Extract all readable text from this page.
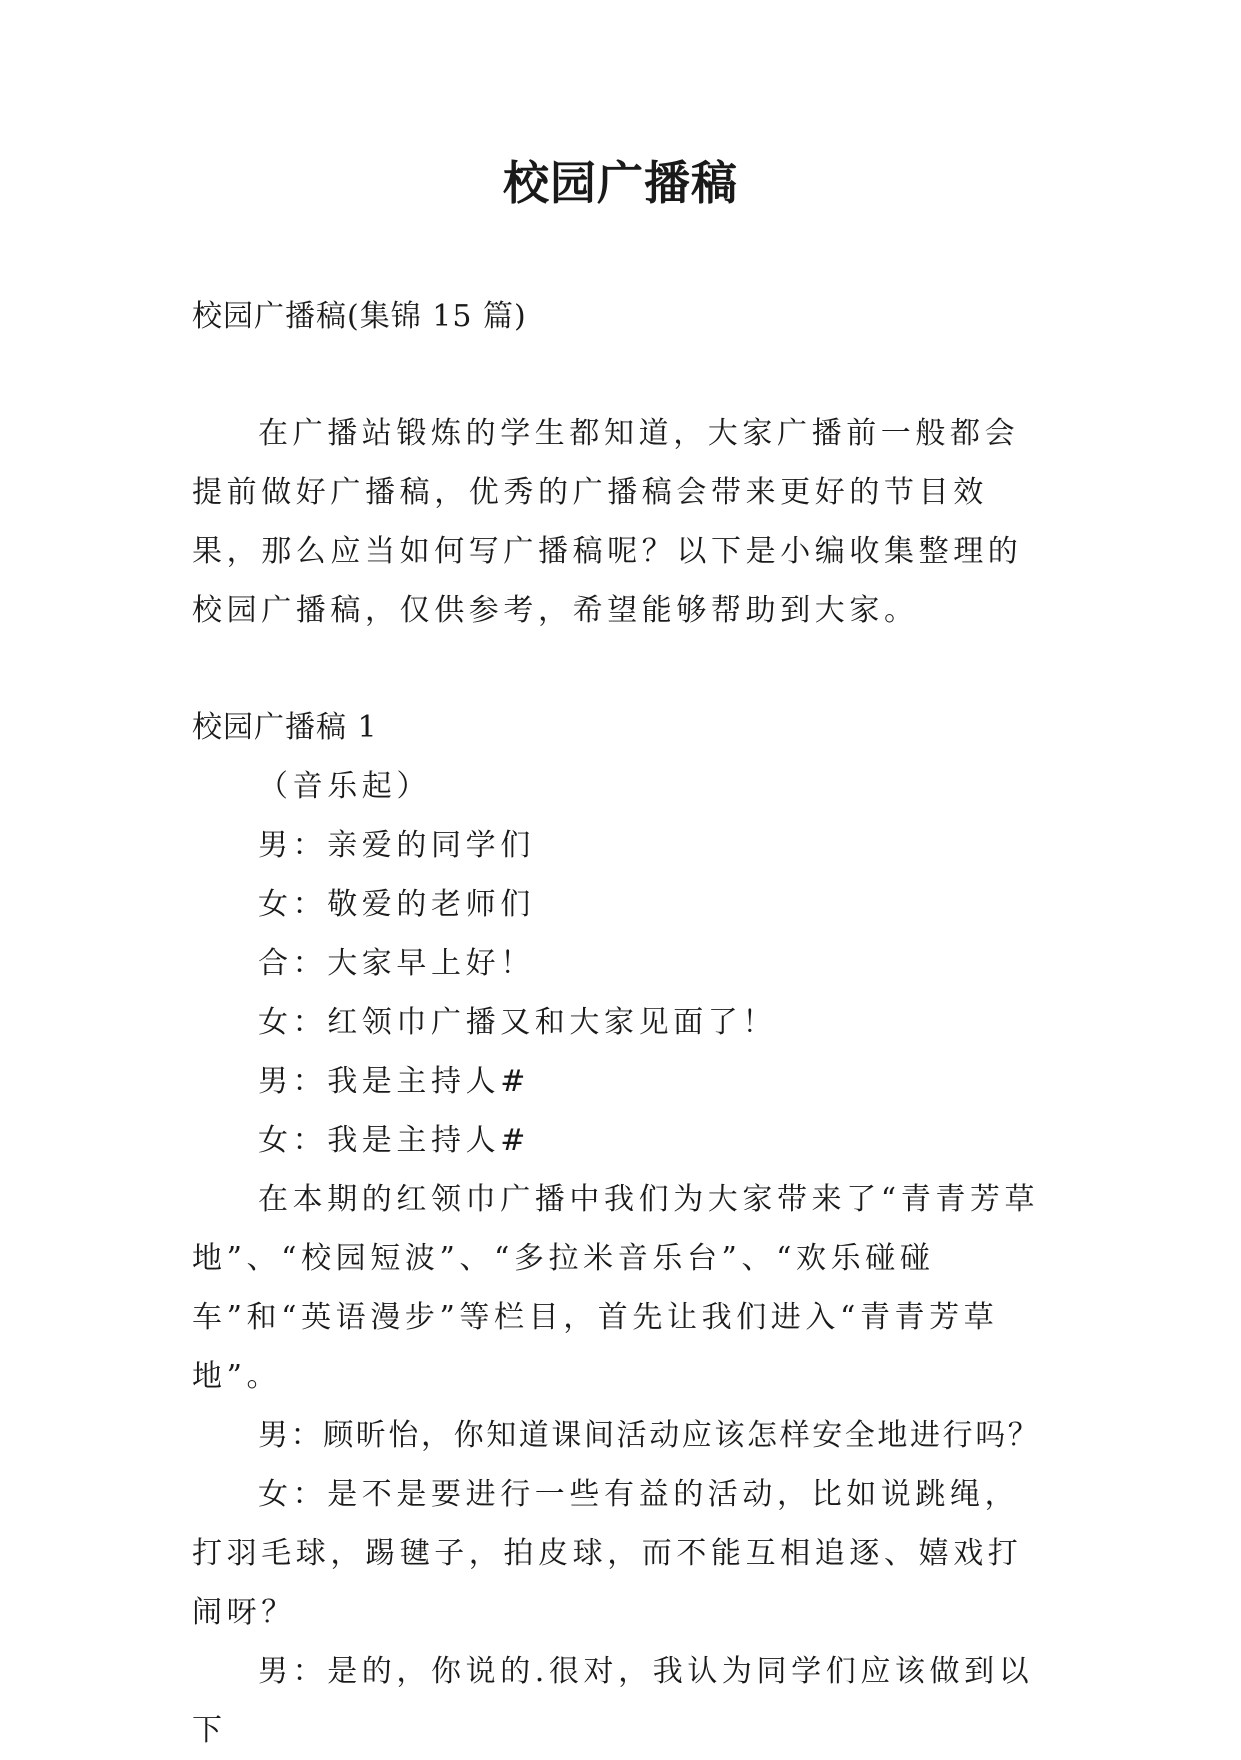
校园广播稿
校园广播稿(集锦 15 篇)

在广播站锻炼的学生都知道，大家广播前一般都会提前做好广播稿，优秀的广播稿会带来更好的节目效果，那么应当如何写广播稿呢？以下是小编收集整理的校园广播稿，仅供参考，希望能够帮助到大家。

校园广播稿 1

（音乐起）

男：亲爱的同学们

女：敬爱的老师们

合：大家早上好！

女：红领巾广播又和大家见面了！

男：我是主持人#

女：我是主持人#

在本期的红领巾广播中我们为大家带来了“青青芳草地”、“校园短波”、“多拉米音乐台”、“欢乐碰碰车”和“英语漫步”等栏目，首先让我们进入“青青芳草地”。

男：顾昕怡，你知道课间活动应该怎样安全地进行吗？

女：是不是要进行一些有益的活动，比如说跳绳，打羽毛球，踢毽子，拍皮球，而不能互相追逐、嬉戏打闹呀？

男：是的，你说的.很对，我认为同学们应该做到以下
